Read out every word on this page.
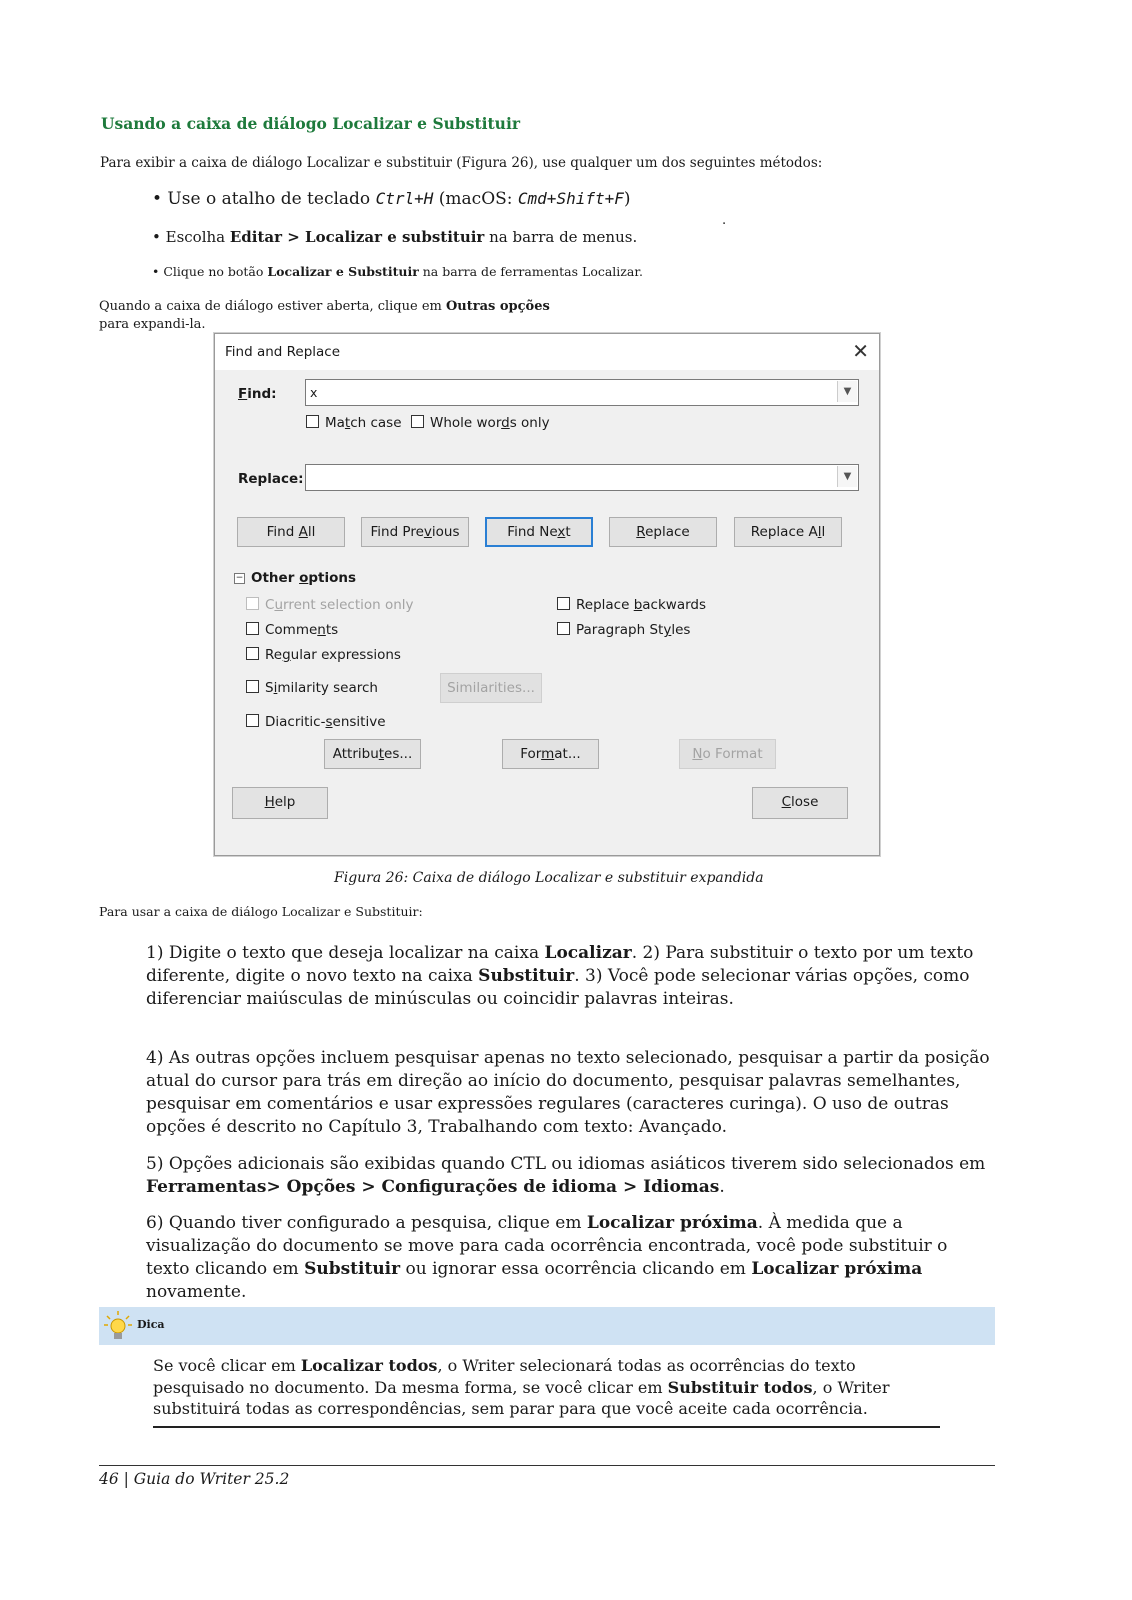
Usando a caixa de diálogo Localizar e Substituir
Para exibir a caixa de diálogo Localizar e substituir (Figura 26), use qualquer um dos seguintes métodos:
• Use o atalho de teclado Ctrl+H (macOS: Cmd+Shift+F)
• Escolha Editar > Localizar e substituir na barra de menus.
• Clique no botão Localizar e Substituir na barra de ferramentas Localizar.
.
Quando a caixa de diálogo estiver aberta, clique em Outras opções para expandi-la.
Find and Replace	✕
Find:	x	▼
Match case Whole words only
Replace:	▼
Find All	Find Previous	Find Next	Replace	Replace All
− Other options
Current selection only
Comments
Regular expressions
Similarity search	Similarities...
Diacritic-sensitive
Replace backwards
Paragraph Styles
Attributes...	Format...	No Format
Help	Close
Figura 26: Caixa de diálogo Localizar e substituir expandida
Para usar a caixa de diálogo Localizar e Substituir:
1) Digite o texto que deseja localizar na caixa Localizar. 2) Para substituir o texto por um texto diferente, digite o novo texto na caixa Substituir. 3) Você pode selecionar várias opções, como diferenciar maiúsculas de minúsculas ou coincidir palavras inteiras.
4) As outras opções incluem pesquisar apenas no texto selecionado, pesquisar a partir da posição atual do cursor para trás em direção ao início do documento, pesquisar palavras semelhantes, pesquisar em comentários e usar expressões regulares (caracteres curinga). O uso de outras opções é descrito no Capítulo 3, Trabalhando com texto: Avançado.
5) Opções adicionais são exibidas quando CTL ou idiomas asiáticos tiverem sido selecionados em Ferramentas> Opções > Configurações de idioma > Idiomas.
6) Quando tiver configurado a pesquisa, clique em Localizar próxima. À medida que a visualização do documento se move para cada ocorrência encontrada, você pode substituir o texto clicando em Substituir ou ignorar essa ocorrência clicando em Localizar próxima novamente.
Dica
Se você clicar em Localizar todos, o Writer selecionará todas as ocorrências do texto pesquisado no documento. Da mesma forma, se você clicar em Substituir todos, o Writer substituirá todas as correspondências, sem parar para que você aceite cada ocorrência.
46 | Guia do Writer 25.2
